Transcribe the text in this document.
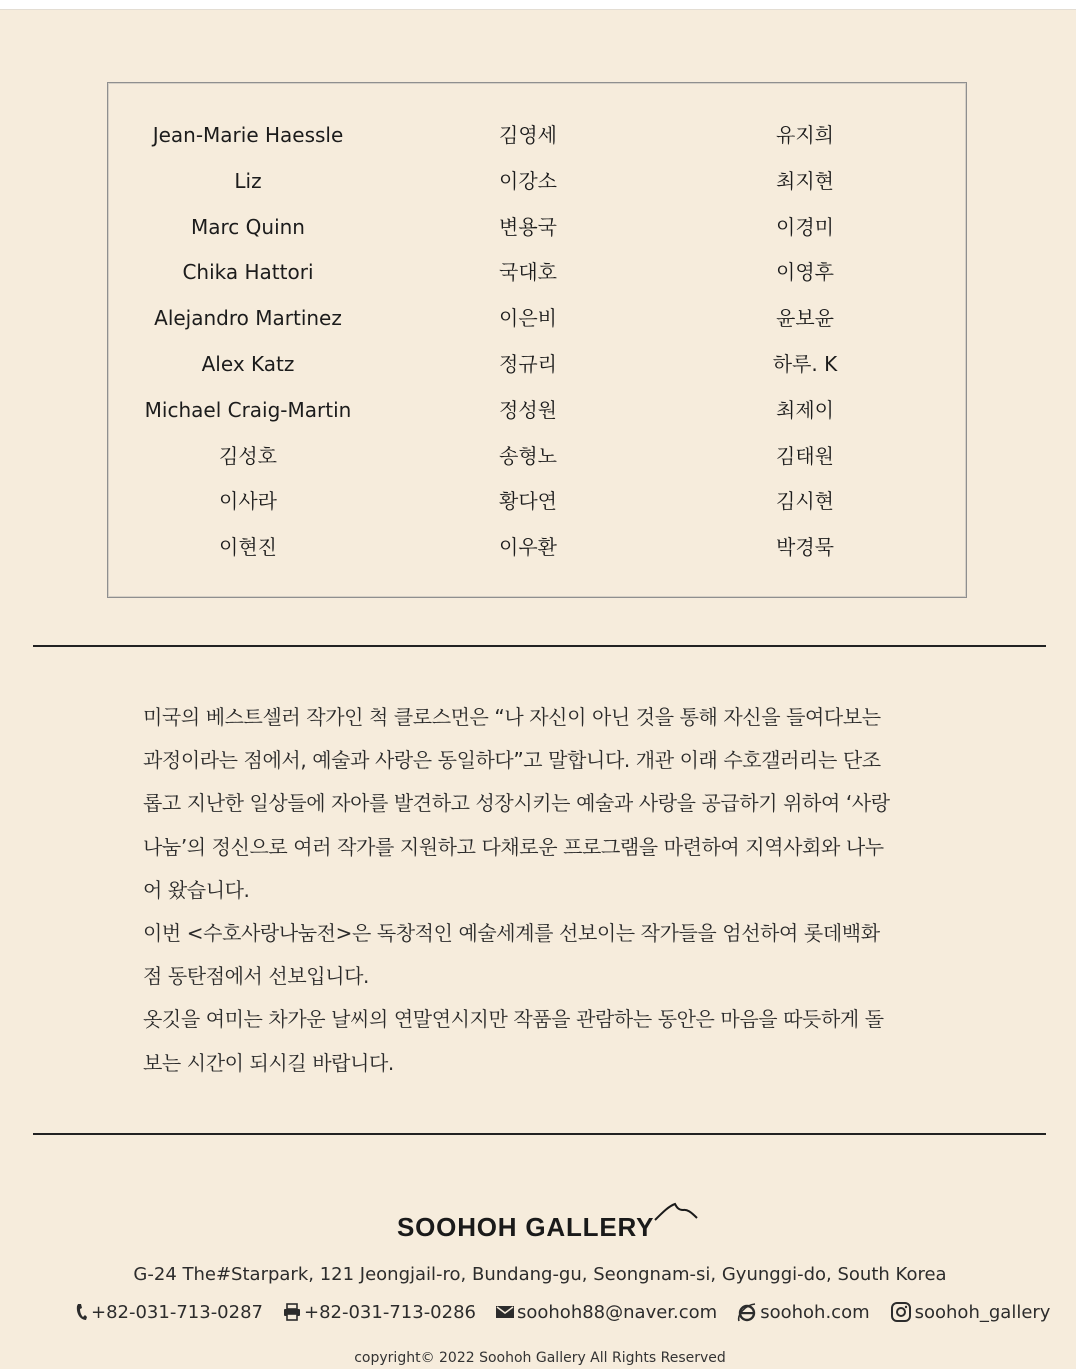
Jean-Marie Haessle	김영세	유지희
Liz	이강소	최지현
Marc Quinn	변용국	이경미
Chika Hattori	국대호	이영후
Alejandro Martinez	이은비	윤보윤
Alex Katz	정규리	하루. K
Michael Craig-Martin	정성원	최제이
김성호	송형노	김태원
이사라	황다연	김시현
이현진	이우환	박경묵

미국의 베스트셀러 작가인 척 클로스먼은 “나 자신이 아닌 것을 통해 자신을 들여다보는

과정이라는 점에서, 예술과 사랑은 동일하다”고 말합니다. 개관 이래 수호갤러리는 단조

롭고 지난한 일상들에 자아를 발견하고 성장시키는 예술과 사랑을 공급하기 위하여 ‘사랑

나눔’의 정신으로 여러 작가를 지원하고 다채로운 프로그램을 마련하여 지역사회와 나누

어 왔습니다.

이번 <수호사랑나눔전>은 독창적인 예술세계를 선보이는 작가들을 엄선하여 롯데백화

점 동탄점에서 선보입니다.

옷깃을 여미는 차가운 날씨의 연말연시지만 작품을 관람하는 동안은 마음을 따듯하게 돌

보는 시간이 되시길 바랍니다.

SOOHOH GALLERY
G-24 The#Starpark, 121 Jeongjail-ro, Bundang-gu, Seongnam-si, Gyunggi-do, South Korea
+82-031-713-0287 +82-031-713-0286 soohoh88@naver.com soohoh.com	soohoh_gallery
copyright© 2022 Soohoh Gallery All Rights Reserved
